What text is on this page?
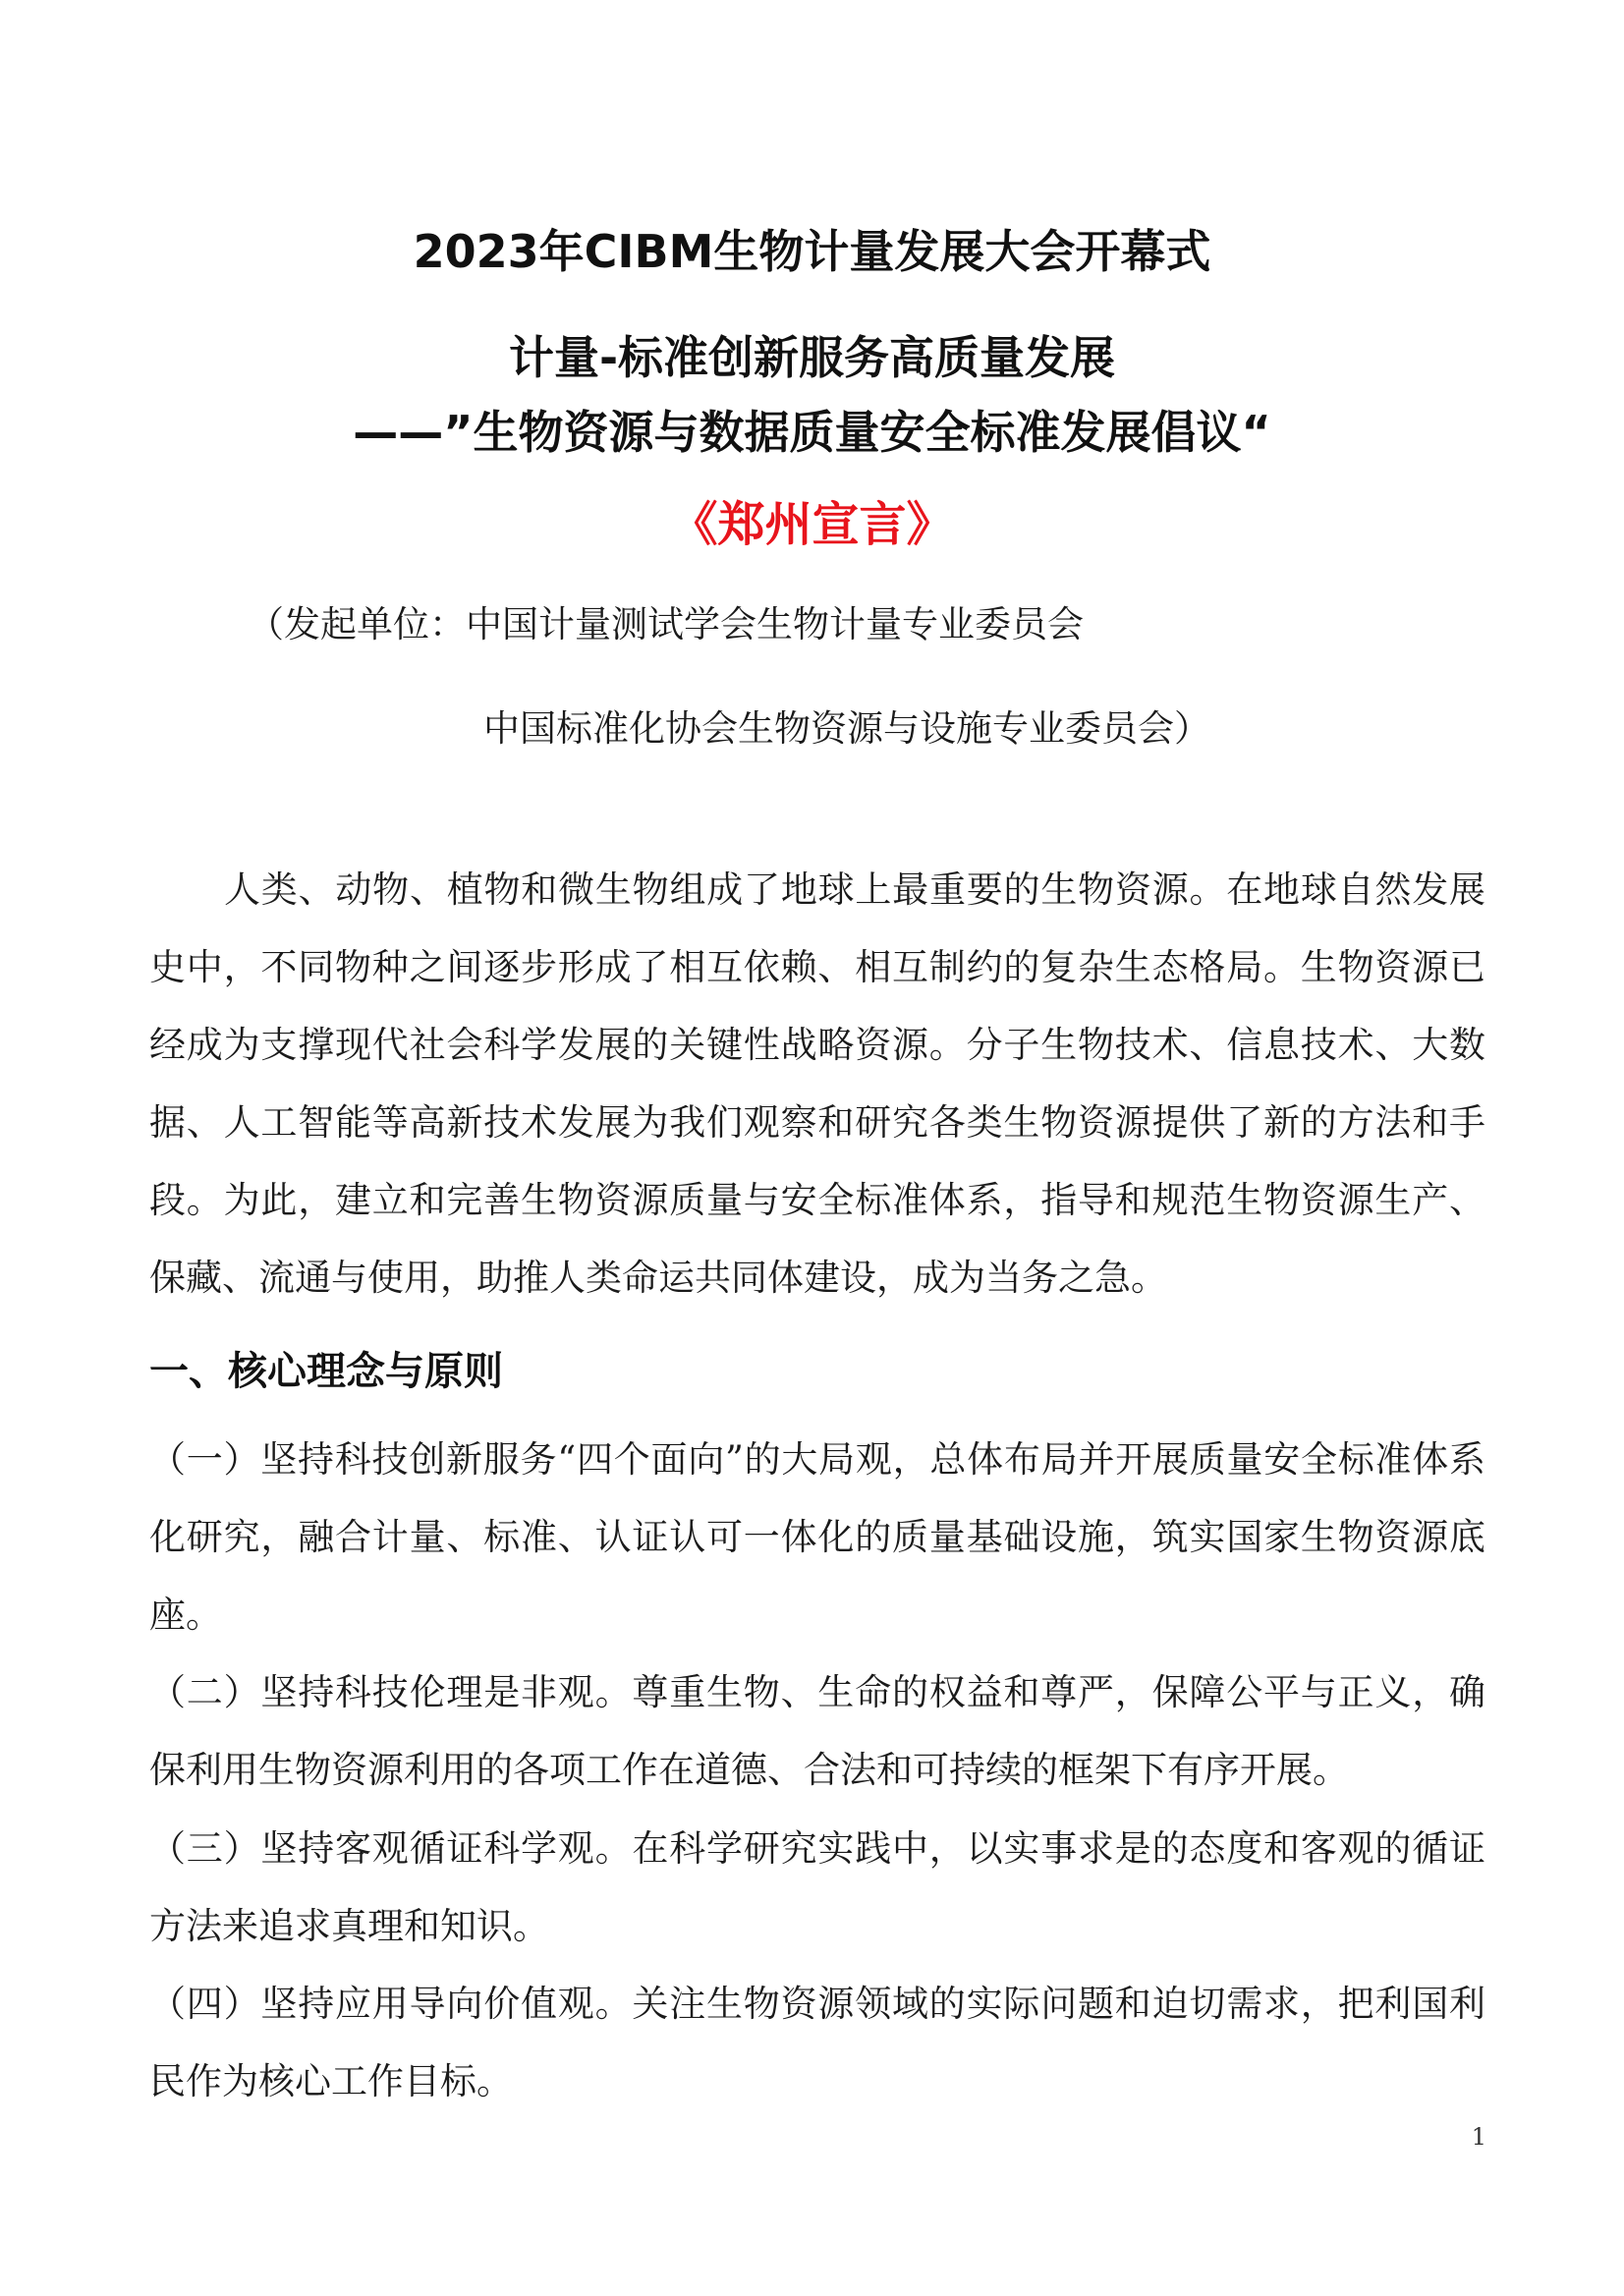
2023年CIBM生物计量发展大会开幕式
计量-标准创新服务高质量发展
——”生物资源与数据质量安全标准发展倡议“
《郑州宣言》
（发起单位：中国计量测试学会生物计量专业委员会
中国标准化协会生物资源与设施专业委员会）

人类、动物、植物和微生物组成了地球上最重要的生物资源。在地球自然发展史中，不同物种之间逐步形成了相互依赖、相互制约的复杂生态格局。生物资源已经成为支撑现代社会科学发展的关键性战略资源。分子生物技术、信息技术、大数据、人工智能等高新技术发展为我们观察和研究各类生物资源提供了新的方法和手段。为此，建立和完善生物资源质量与安全标准体系，指导和规范生物资源生产、保藏、流通与使用，助推人类命运共同体建设，成为当务之急。

一、核心理念与原则

（一）坚持科技创新服务“四个面向”的大局观，总体布局并开展质量安全标准体系化研究，融合计量、标准、认证认可一体化的质量基础设施，筑实国家生物资源底座。

（二）坚持科技伦理是非观。尊重生物、生命的权益和尊严，保障公平与正义，确保利用生物资源利用的各项工作在道德、合法和可持续的框架下有序开展。

（三）坚持客观循证科学观。在科学研究实践中，以实事求是的态度和客观的循证方法来追求真理和知识。

（四）坚持应用导向价值观。关注生物资源领域的实际问题和迫切需求，把利国利民作为核心工作目标。

1
